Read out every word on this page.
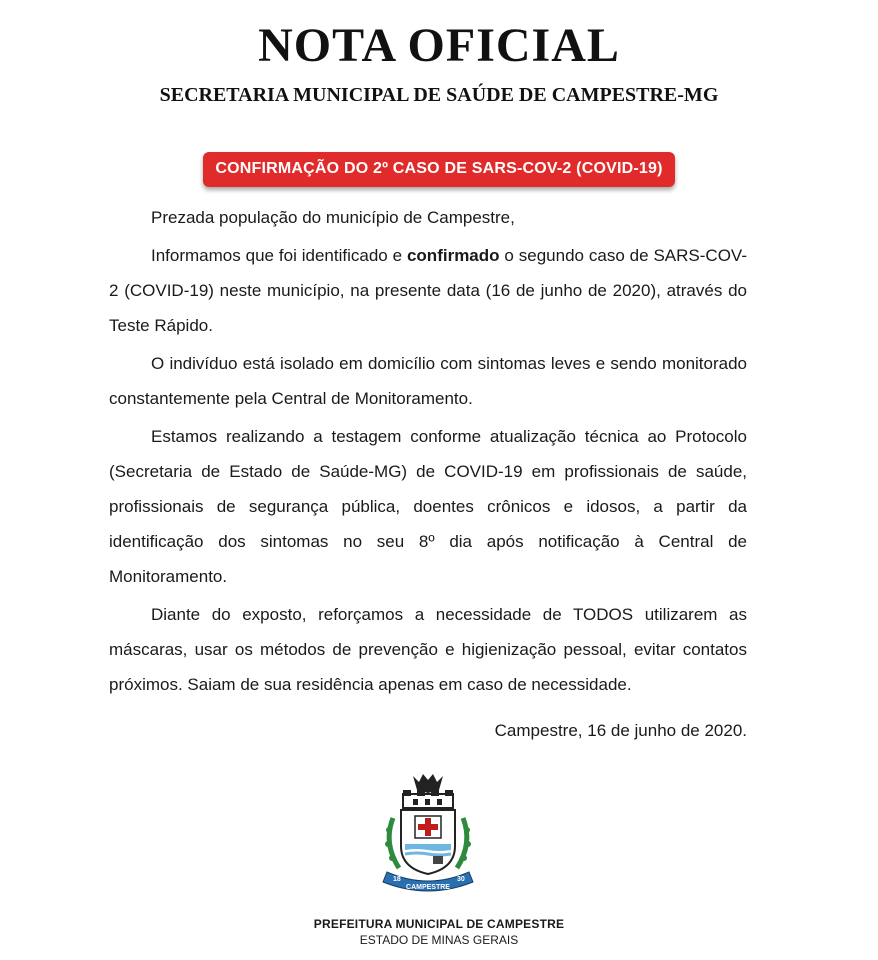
NOTA OFICIAL
SECRETARIA MUNICIPAL DE SAÚDE DE CAMPESTRE-MG
CONFIRMAÇÃO DO 2º CASO DE SARS-COV-2 (COVID-19)

Prezada população do município de Campestre,

Informamos que foi identificado e confirmado o segundo caso de SARS-COV-2 (COVID-19) neste município, na presente data (16 de junho de 2020), através do Teste Rápido.

O indivíduo está isolado em domicílio com sintomas leves e sendo monitorado constantemente pela Central de Monitoramento.

Estamos realizando a testagem conforme atualização técnica ao Protocolo (Secretaria de Estado de Saúde-MG) de COVID-19 em profissionais de saúde, profissionais de segurança pública, doentes crônicos e idosos, a partir da identificação dos sintomas no seu 8º dia após notificação à Central de Monitoramento.

Diante do exposto, reforçamos a necessidade de TODOS utilizarem as máscaras, usar os métodos de prevenção e higienização pessoal, evitar contatos próximos. Saiam de sua residência apenas em caso de necessidade.

Campestre, 16 de junho de 2020.

18
CAMPESTRE
30
PREFEITURA MUNICIPAL DE CAMPESTRE
ESTADO DE MINAS GERAIS
